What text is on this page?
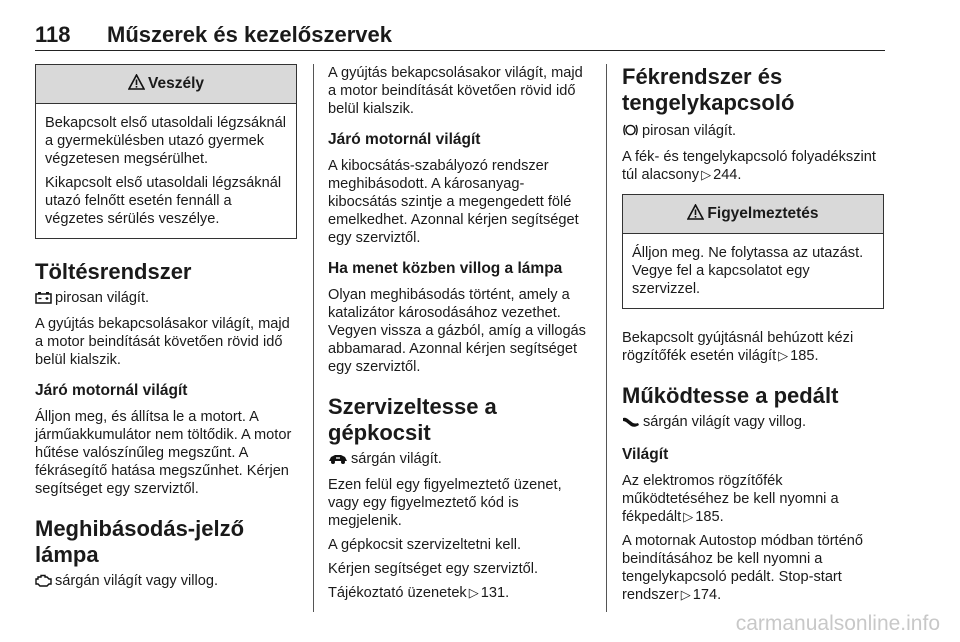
118 Műszerek és kezelőszervek
Veszély

Bekapcsolt első utasoldali légzsáknál a gyermekülésben utazó gyermek végzetesen megsérülhet.

Kikapcsolt első utasoldali légzsáknál utazó felnőtt esetén fennáll a végzetes sérülés veszélye.

Töltésrendszer

pirosan világít.

A gyújtás bekapcsolásakor világít, majd a motor beindítását követően rövid idő belül kialszik.

Járó motornál világít

Álljon meg, és állítsa le a motort. A járműakkumulátor nem töltődik. A motor hűtése valószínűleg megszűnt. A fékrásegítő hatása megszűnhet. Kérjen segítséget egy szerviztől.

Meghibásodás-jelző lámpa

sárgán világít vagy villog.

A gyújtás bekapcsolásakor világít, majd a motor beindítását követően rövid idő belül kialszik.

Járó motornál világít

A kibocsátás-szabályozó rendszer meghibásodott. A károsanyag-kibocsátás szintje a megengedett fölé emelkedhet. Azonnal kérjen segítséget egy szerviztől.

Ha menet közben villog a lámpa

Olyan meghibásodás történt, amely a katalizátor károsodásához vezethet. Vegyen vissza a gázból, amíg a villogás abbamarad. Azonnal kérjen segítséget egy szerviztől.

Szervizeltesse a gépkocsit

sárgán világít.

Ezen felül egy figyelmeztető üzenet, vagy egy figyelmeztető kód is megjelenik.

A gépkocsit szervizeltetni kell.

Kérjen segítséget egy szerviztől.

Tájékoztató üzenetek ▷ 131.

Fékrendszer és tengelykapcsoló

pirosan világít.

A fék- és tengelykapcsoló folyadékszint túl alacsony ▷ 244.

Figyelmeztetés

Álljon meg. Ne folytassa az utazást. Vegye fel a kapcsolatot egy szervizzel.

Bekapcsolt gyújtásnál behúzott kézi rögzítőfék esetén világít ▷ 185.

Működtesse a pedált

sárgán világít vagy villog.

Világít

Az elektromos rögzítőfék működtetéséhez be kell nyomni a fékpedált ▷ 185.

A motornak Autostop módban történő beindításához be kell nyomni a tengelykapcsoló pedált. Stop-start rendszer ▷ 174.

carmanualsonline.info
